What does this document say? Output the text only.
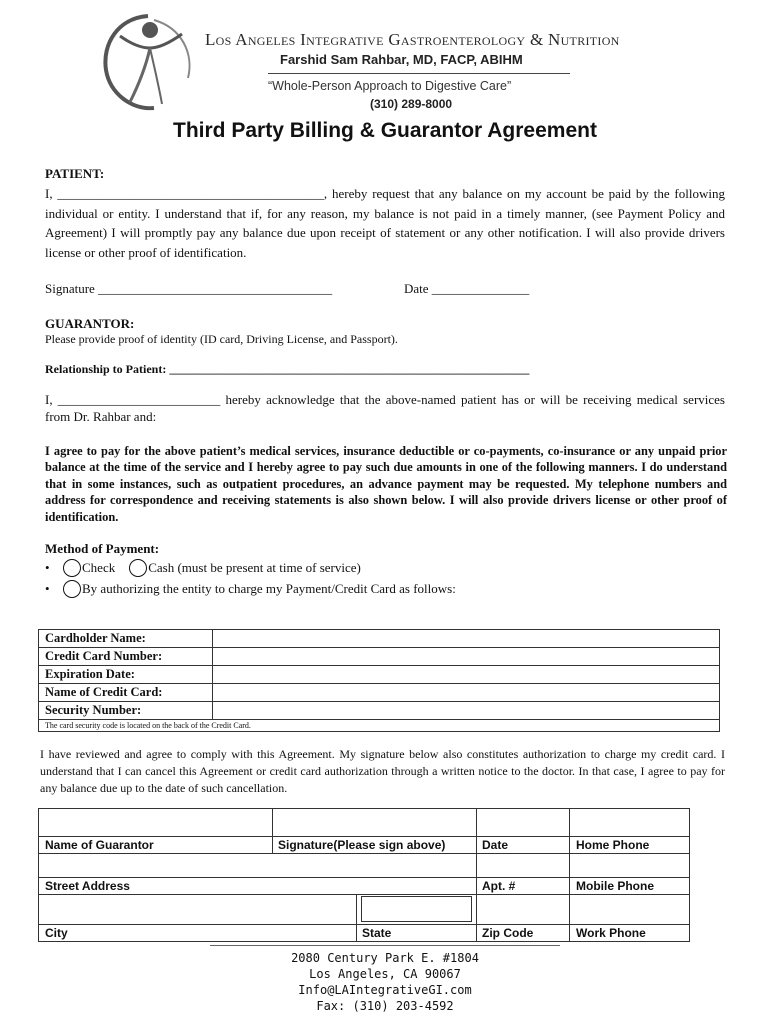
Los Angeles Integrative Gastroenterology & Nutrition
Farshid Sam Rahbar, MD, FACP, ABIHM
“Whole-Person Approach to Digestive Care”
(310) 289-8000
Third Party Billing & Guarantor Agreement
PATIENT:
I, _________________________________________, hereby request that any balance on my account be paid by the following individual or entity. I understand that if, for any reason, my balance is not paid in a timely manner, (see Payment Policy and Agreement) I will promptly pay any balance due upon receipt of statement or any other notification. I will also provide drivers license or other proof of identification.
Signature ____________________________________	Date _______________
GUARANTOR:
Please provide proof of identity (ID card, Driving License, and Passport).
Relationship to Patient: ____________________________________________________________
I, _________________________ hereby acknowledge that the above-named patient has or will be receiving medical services from Dr. Rahbar and:
I agree to pay for the above patient’s medical services, insurance deductible or co-payments, co-insurance or any unpaid prior balance at the time of the service and I hereby agree to pay such due amounts in one of the following manners. I do understand that in some instances, such as outpatient procedures, an advance payment may be requested. My telephone numbers and address for correspondence and receiving statements is also shown below. I will also provide drivers license or other proof of identification.
Method of Payment:
•	Check	Cash (must be present at time of service)
•	By authorizing the entity to charge my Payment/Credit Card as follows:
Cardholder Name:	
Credit Card Number:	
Expiration Date:	
Name of Credit Card:	
Security Number:	
The card security code is located on the back of the Credit Card.	
I have reviewed and agree to comply with this Agreement. My signature below also constitutes authorization to charge my credit card. I understand that I can cancel this Agreement or credit card authorization through a written notice to the doctor. In that case, I agree to pay for any balance due up to the date of such cancellation.
Name of Guarantor	Signature(Please sign above)	Date	Home Phone
Street Address	Apt. #	Mobile Phone
City	State	Zip Code	Work Phone
2080 Century Park E. #1804
Los Angeles, CA 90067
Info@LAIntegrativeGI.com
Fax: (310) 203-4592
